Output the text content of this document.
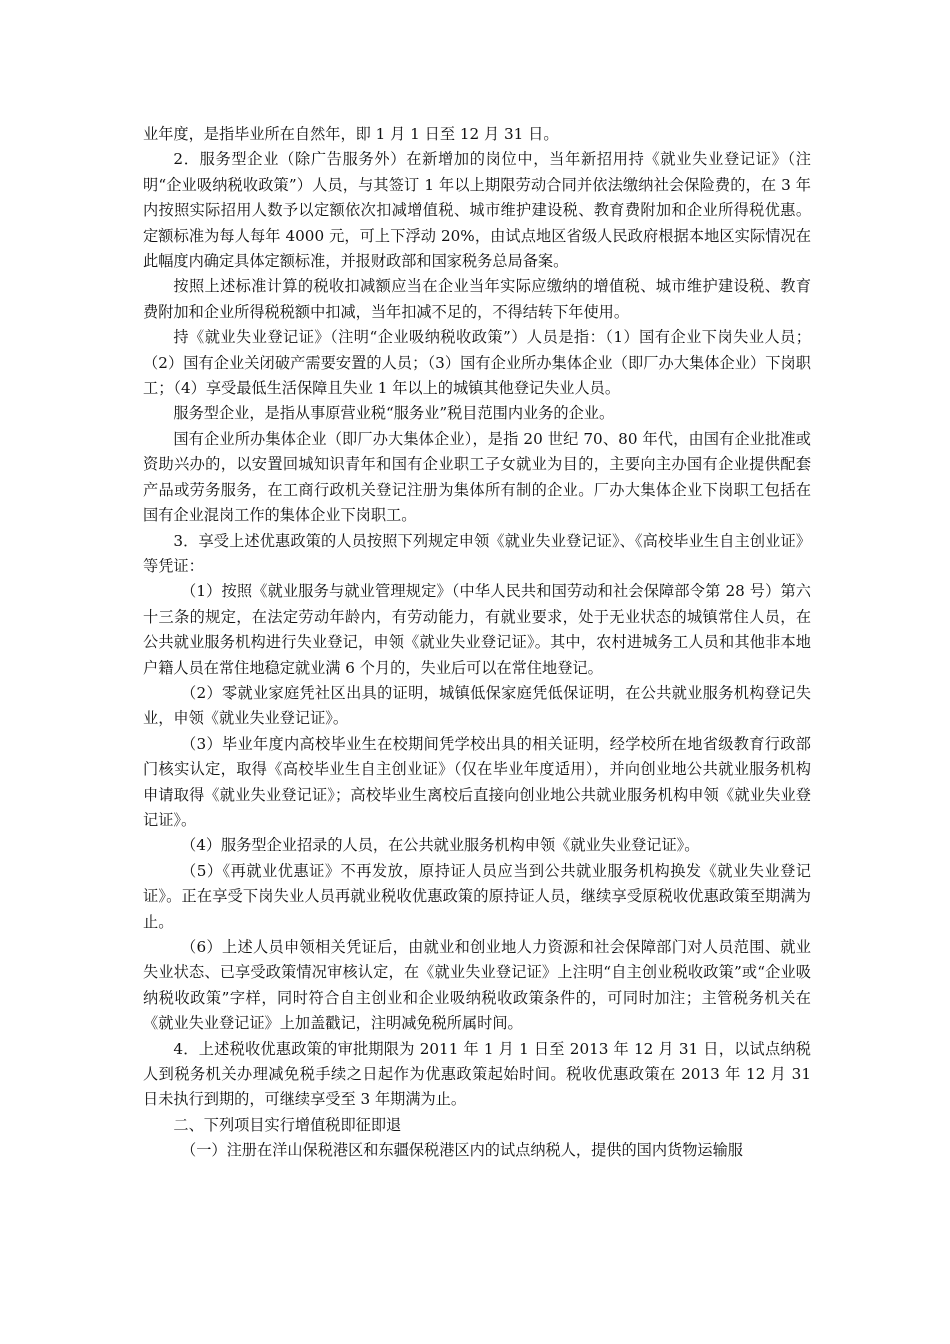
业年度，是指毕业所在自然年，即 1 月 1 日至 12 月 31 日。

2．服务型企业（除广告服务外）在新增加的岗位中，当年新招用持《就业失业登记证》（注明“企业吸纳税收政策”）人员，与其签订 1 年以上期限劳动合同并依法缴纳社会保险费的，在 3 年内按照实际招用人数予以定额依次扣减增值税、城市维护建设税、教育费附加和企业所得税优惠。定额标准为每人每年 4000 元，可上下浮动 20%，由试点地区省级人民政府根据本地区实际情况在此幅度内确定具体定额标准，并报财政部和国家税务总局备案。

按照上述标准计算的税收扣减额应当在企业当年实际应缴纳的增值税、城市维护建设税、教育费附加和企业所得税税额中扣减，当年扣减不足的，不得结转下年使用。

持《就业失业登记证》（注明“企业吸纳税收政策”）人员是指：（1）国有企业下岗失业人员；（2）国有企业关闭破产需要安置的人员；（3）国有企业所办集体企业（即厂办大集体企业）下岗职工；（4）享受最低生活保障且失业 1 年以上的城镇其他登记失业人员。

服务型企业，是指从事原营业税“服务业”税目范围内业务的企业。

国有企业所办集体企业（即厂办大集体企业），是指 20 世纪 70、80 年代，由国有企业批准或资助兴办的，以安置回城知识青年和国有企业职工子女就业为目的，主要向主办国有企业提供配套产品或劳务服务，在工商行政机关登记注册为集体所有制的企业。厂办大集体企业下岗职工包括在国有企业混岗工作的集体企业下岗职工。

3．享受上述优惠政策的人员按照下列规定申领《就业失业登记证》、《高校毕业生自主创业证》等凭证：

（1）按照《就业服务与就业管理规定》（中华人民共和国劳动和社会保障部令第 28 号）第六十三条的规定，在法定劳动年龄内，有劳动能力，有就业要求，处于无业状态的城镇常住人员，在公共就业服务机构进行失业登记，申领《就业失业登记证》。其中，农村进城务工人员和其他非本地户籍人员在常住地稳定就业满 6 个月的，失业后可以在常住地登记。

（2）零就业家庭凭社区出具的证明，城镇低保家庭凭低保证明，在公共就业服务机构登记失业，申领《就业失业登记证》。

（3）毕业年度内高校毕业生在校期间凭学校出具的相关证明，经学校所在地省级教育行政部门核实认定，取得《高校毕业生自主创业证》（仅在毕业年度适用），并向创业地公共就业服务机构申请取得《就业失业登记证》；高校毕业生离校后直接向创业地公共就业服务机构申领《就业失业登记证》。

（4）服务型企业招录的人员，在公共就业服务机构申领《就业失业登记证》。

（5）《再就业优惠证》不再发放，原持证人员应当到公共就业服务机构换发《就业失业登记证》。正在享受下岗失业人员再就业税收优惠政策的原持证人员，继续享受原税收优惠政策至期满为止。

（6）上述人员申领相关凭证后，由就业和创业地人力资源和社会保障部门对人员范围、就业失业状态、已享受政策情况审核认定，在《就业失业登记证》上注明“自主创业税收政策”或“企业吸纳税收政策”字样，同时符合自主创业和企业吸纳税收政策条件的，可同时加注；主管税务机关在《就业失业登记证》上加盖戳记，注明减免税所属时间。

4．上述税收优惠政策的审批期限为 2011 年 1 月 1 日至 2013 年 12 月 31 日，以试点纳税人到税务机关办理减免税手续之日起作为优惠政策起始时间。税收优惠政策在 2013 年 12 月 31 日未执行到期的，可继续享受至 3 年期满为止。

二、下列项目实行增值税即征即退

（一）注册在洋山保税港区和东疆保税港区内的试点纳税人，提供的国内货物运输服
